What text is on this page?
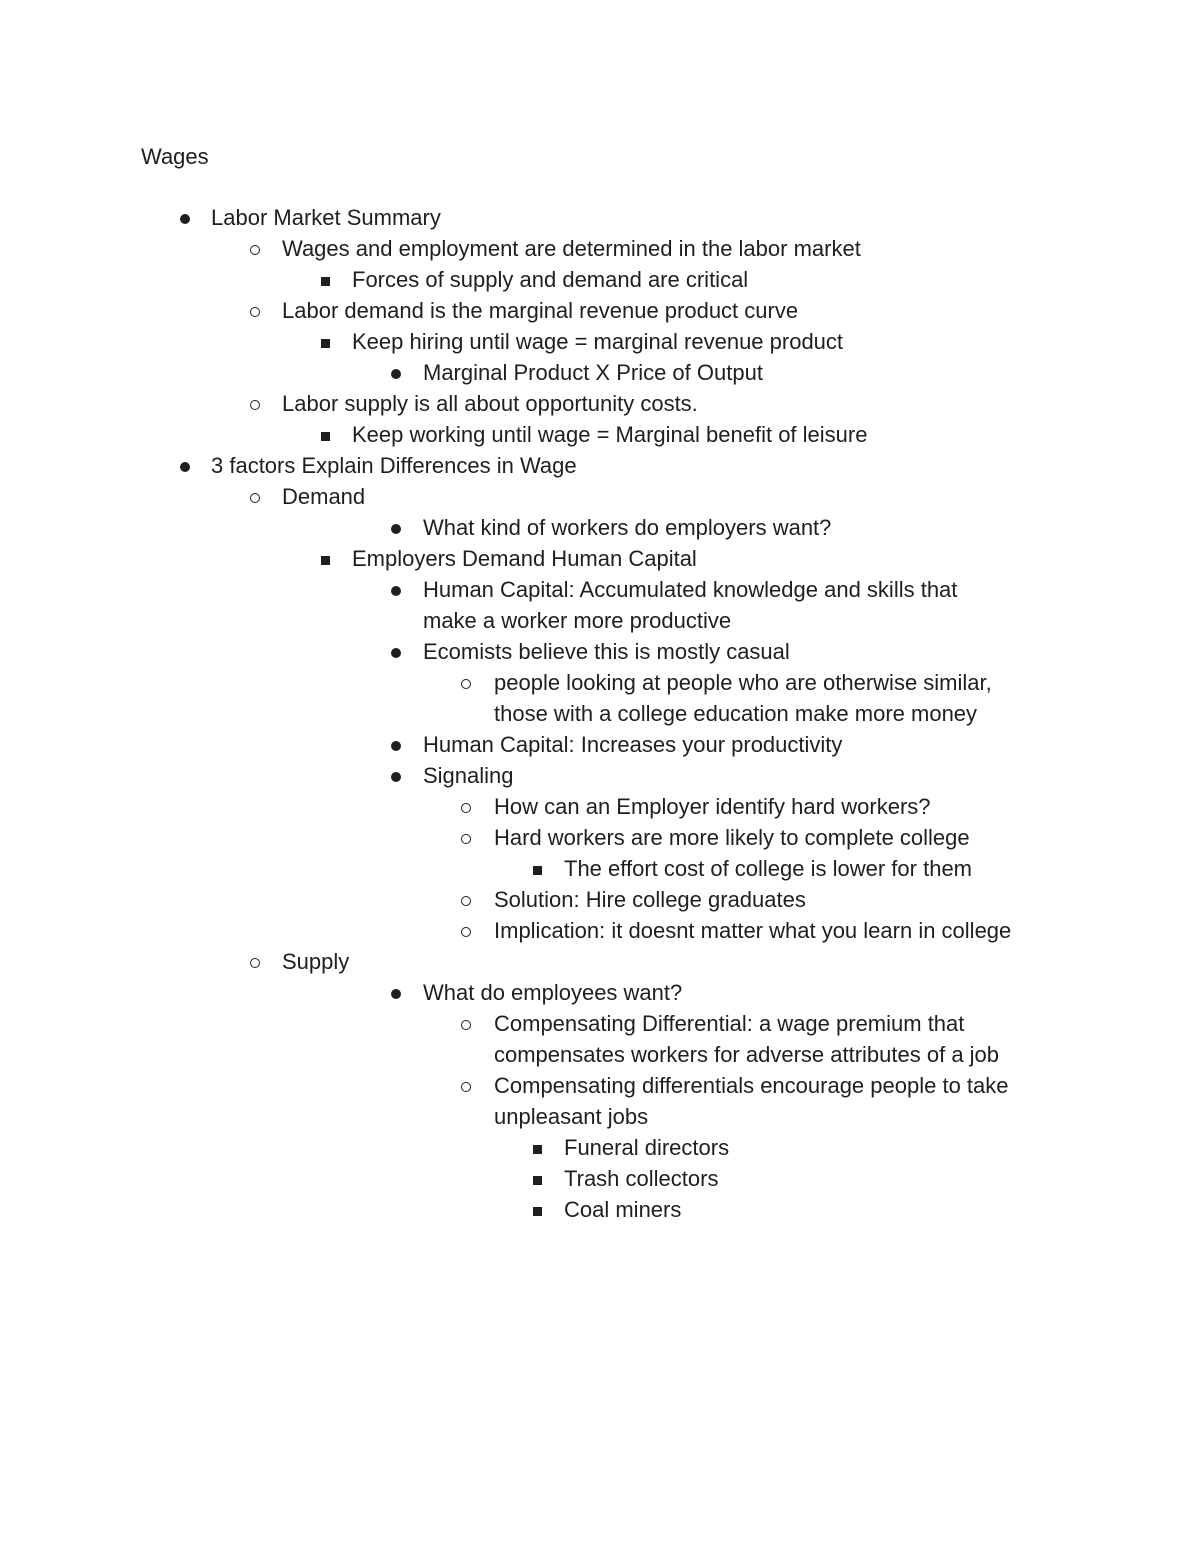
Wages
Labor Market Summary
Wages and employment are determined in the labor market
Forces of supply and demand are critical
Labor demand is the marginal revenue product curve
Keep hiring until wage = marginal revenue product
Marginal Product X Price of Output
Labor supply is all about opportunity costs.
Keep working until wage = Marginal benefit of leisure
3 factors Explain Differences in Wage
Demand
What kind of workers do employers want?
Employers Demand Human Capital
Human Capital: Accumulated knowledge and skills that
make a worker more productive
Ecomists believe this is mostly casual
people looking at people who are otherwise similar,
those with a college education make more money
Human Capital: Increases your productivity
Signaling
How can an Employer identify hard workers?
Hard workers are more likely to complete college
The effort cost of college is lower for them
Solution: Hire college graduates
Implication: it doesnt matter what you learn in college
Supply
What do employees want?
Compensating Differential: a wage premium that
compensates workers for adverse attributes of a job
Compensating differentials encourage people to take
unpleasant jobs
Funeral directors
Trash collectors
Coal miners
